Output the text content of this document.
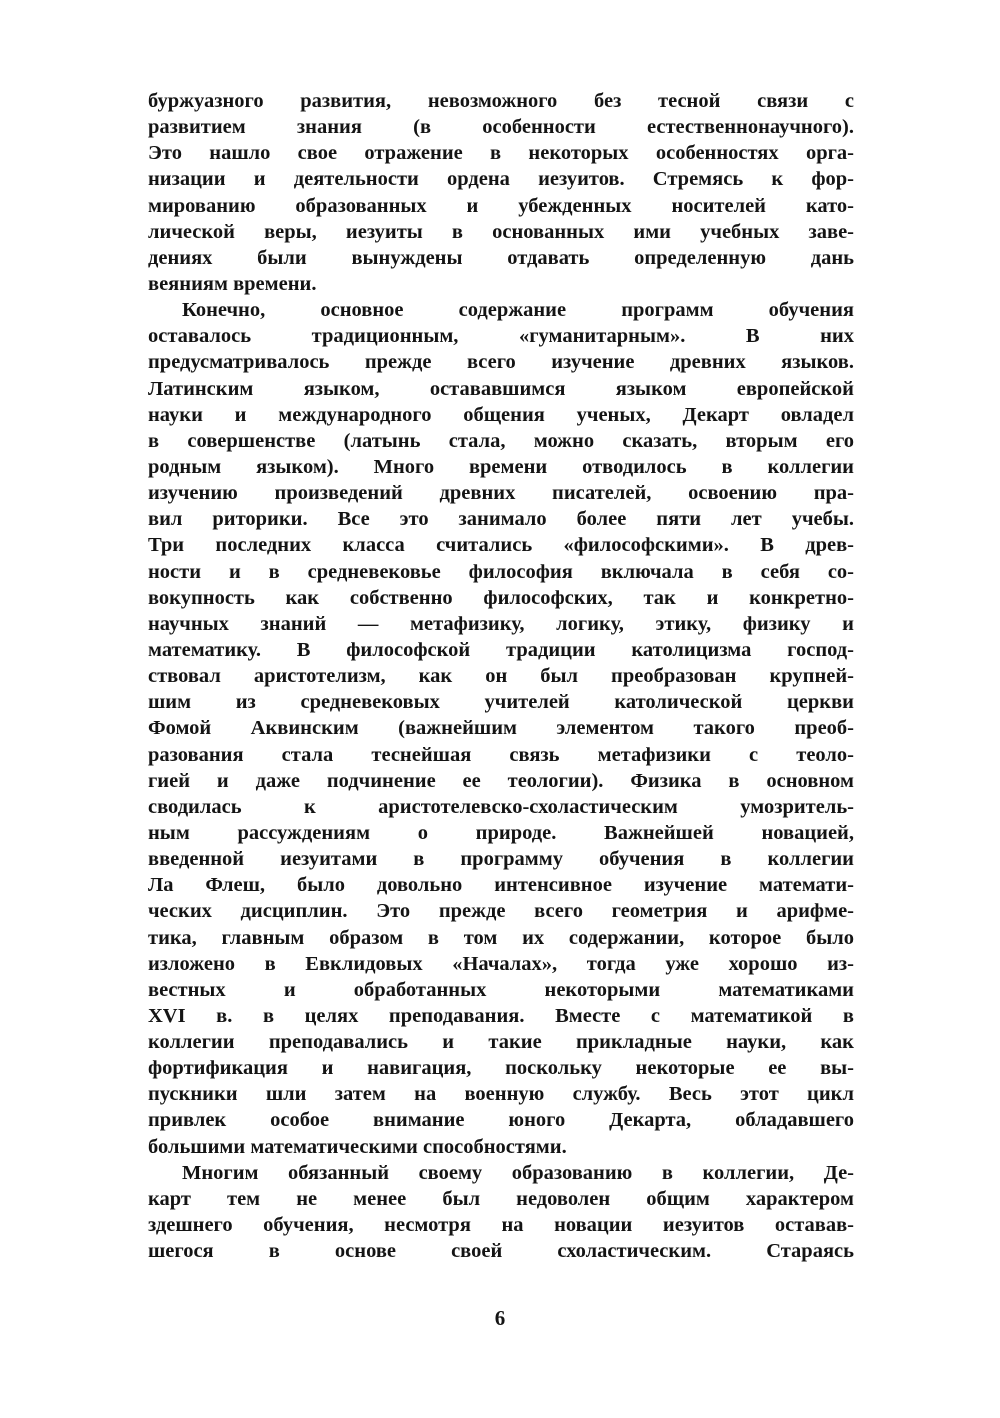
буржуазного развития, невозможного без тесной связи с
развитием знания (в особенности естественнонаучного).
Это нашло свое отражение в некоторых особенностях орга-
низации и деятельности ордена иезуитов. Стремясь к фор-
мированию образованных и убежденных носителей като-
лической веры, иезуиты в основанных ими учебных заве-
дениях были вынуждены отдавать определенную дань
веяниям времени.
Конечно, основное содержание программ обучения
оставалось традиционным, «гуманитарным». В них
предусматривалось прежде всего изучение древних языков.
Латинским языком, остававшимся языком европейской
науки и международного общения ученых, Декарт овладел
в совершенстве (латынь стала, можно сказать, вторым его
родным языком). Много времени отводилось в коллегии
изучению произведений древних писателей, освоению пра-
вил риторики. Все это занимало более пяти лет учебы.
Три последних класса считались «философскими». В древ-
ности и в средневековье философия включала в себя со-
вокупность как собственно философских, так и конкретно-
научных знаний — метафизику, логику, этику, физику и
математику. В философской традиции католицизма господ-
ствовал аристотелизм, как он был преобразован крупней-
шим из средневековых учителей католической церкви
Фомой Аквинским (важнейшим элементом такого преоб-
разования стала теснейшая связь метафизики с теоло-
гией и даже подчинение ее теологии). Физика в основном
сводилась к аристотелевско-схоластическим умозритель-
ным рассуждениям о природе. Важнейшей новацией,
введенной иезуитами в программу обучения в коллегии
Ла Флеш, было довольно интенсивное изучение математи-
ческих дисциплин. Это прежде всего геометрия и арифме-
тика, главным образом в том их содержании, которое было
изложено в Евклидовых «Началах», тогда уже хорошо из-
вестных и обработанных некоторыми математиками
XVI в. в целях преподавания. Вместе с математикой в
коллегии преподавались и такие прикладные науки, как
фортификация и навигация, поскольку некоторые ее вы-
пускники шли затем на военную службу. Весь этот цикл
привлек особое внимание юного Декарта, обладавшего
большими математическими способностями.
Многим обязанный своему образованию в коллегии, Де-
карт тем не менее был недоволен общим характером
здешнего обучения, несмотря на новации иезуитов оставав-
шегося в основе своей схоластическим. Стараясь
6
